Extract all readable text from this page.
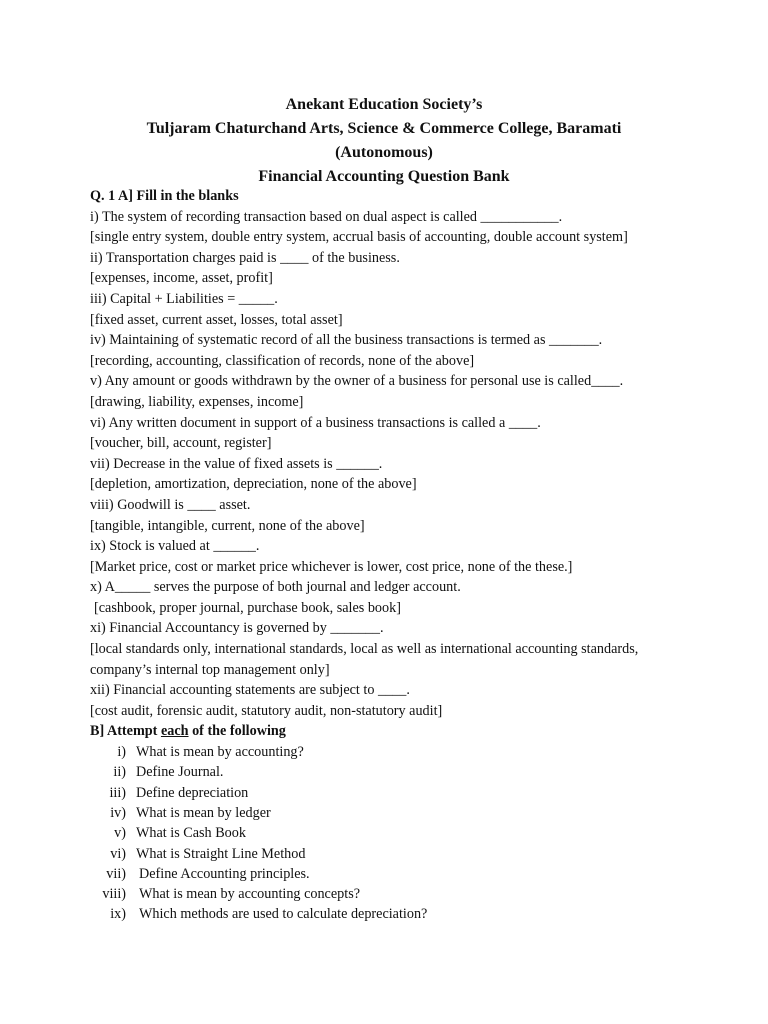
Anekant Education Society’s
Tuljaram Chaturchand Arts, Science & Commerce College, Baramati
(Autonomous)
Financial Accounting Question Bank
Q. 1 A] Fill in the blanks
i) The system of recording transaction based on dual aspect is called ___________.
[single entry system, double entry system, accrual basis of accounting, double account system]
ii) Transportation charges paid is ____ of the business.
[expenses, income, asset, profit]
iii) Capital + Liabilities = _____.
[fixed asset, current asset, losses, total asset]
iv) Maintaining of systematic record of all the business transactions is termed as _______.
[recording, accounting, classification of records, none of the above]
v) Any amount or goods withdrawn by the owner of a business for personal use is called____.
[drawing, liability, expenses, income]
vi) Any written document in support of a business transactions is called a ____.
[voucher, bill, account, register]
vii) Decrease in the value of fixed assets is ______.
[depletion, amortization, depreciation, none of the above]
viii) Goodwill is ____ asset.
[tangible, intangible, current, none of the above]
ix) Stock is valued at ______.
[Market price, cost or market price whichever is lower, cost price, none of the these.]
x) A_____ serves the purpose of both journal and ledger account.
[cashbook, proper journal, purchase book, sales book]
xi) Financial Accountancy is governed by _______.
[local standards only, international standards, local as well as international accounting standards,
company’s internal top management only]
xii) Financial accounting statements are subject to ____.
[cost audit, forensic audit, statutory audit, non-statutory audit]
B] Attempt each of the following
i) What is mean by accounting?
ii) Define Journal.
iii) Define depreciation
iv) What is mean by ledger
v) What is Cash Book
vi) What is Straight Line Method
vii) Define Accounting principles.
viii) What is mean by accounting concepts?
ix) Which methods are used to calculate depreciation?
